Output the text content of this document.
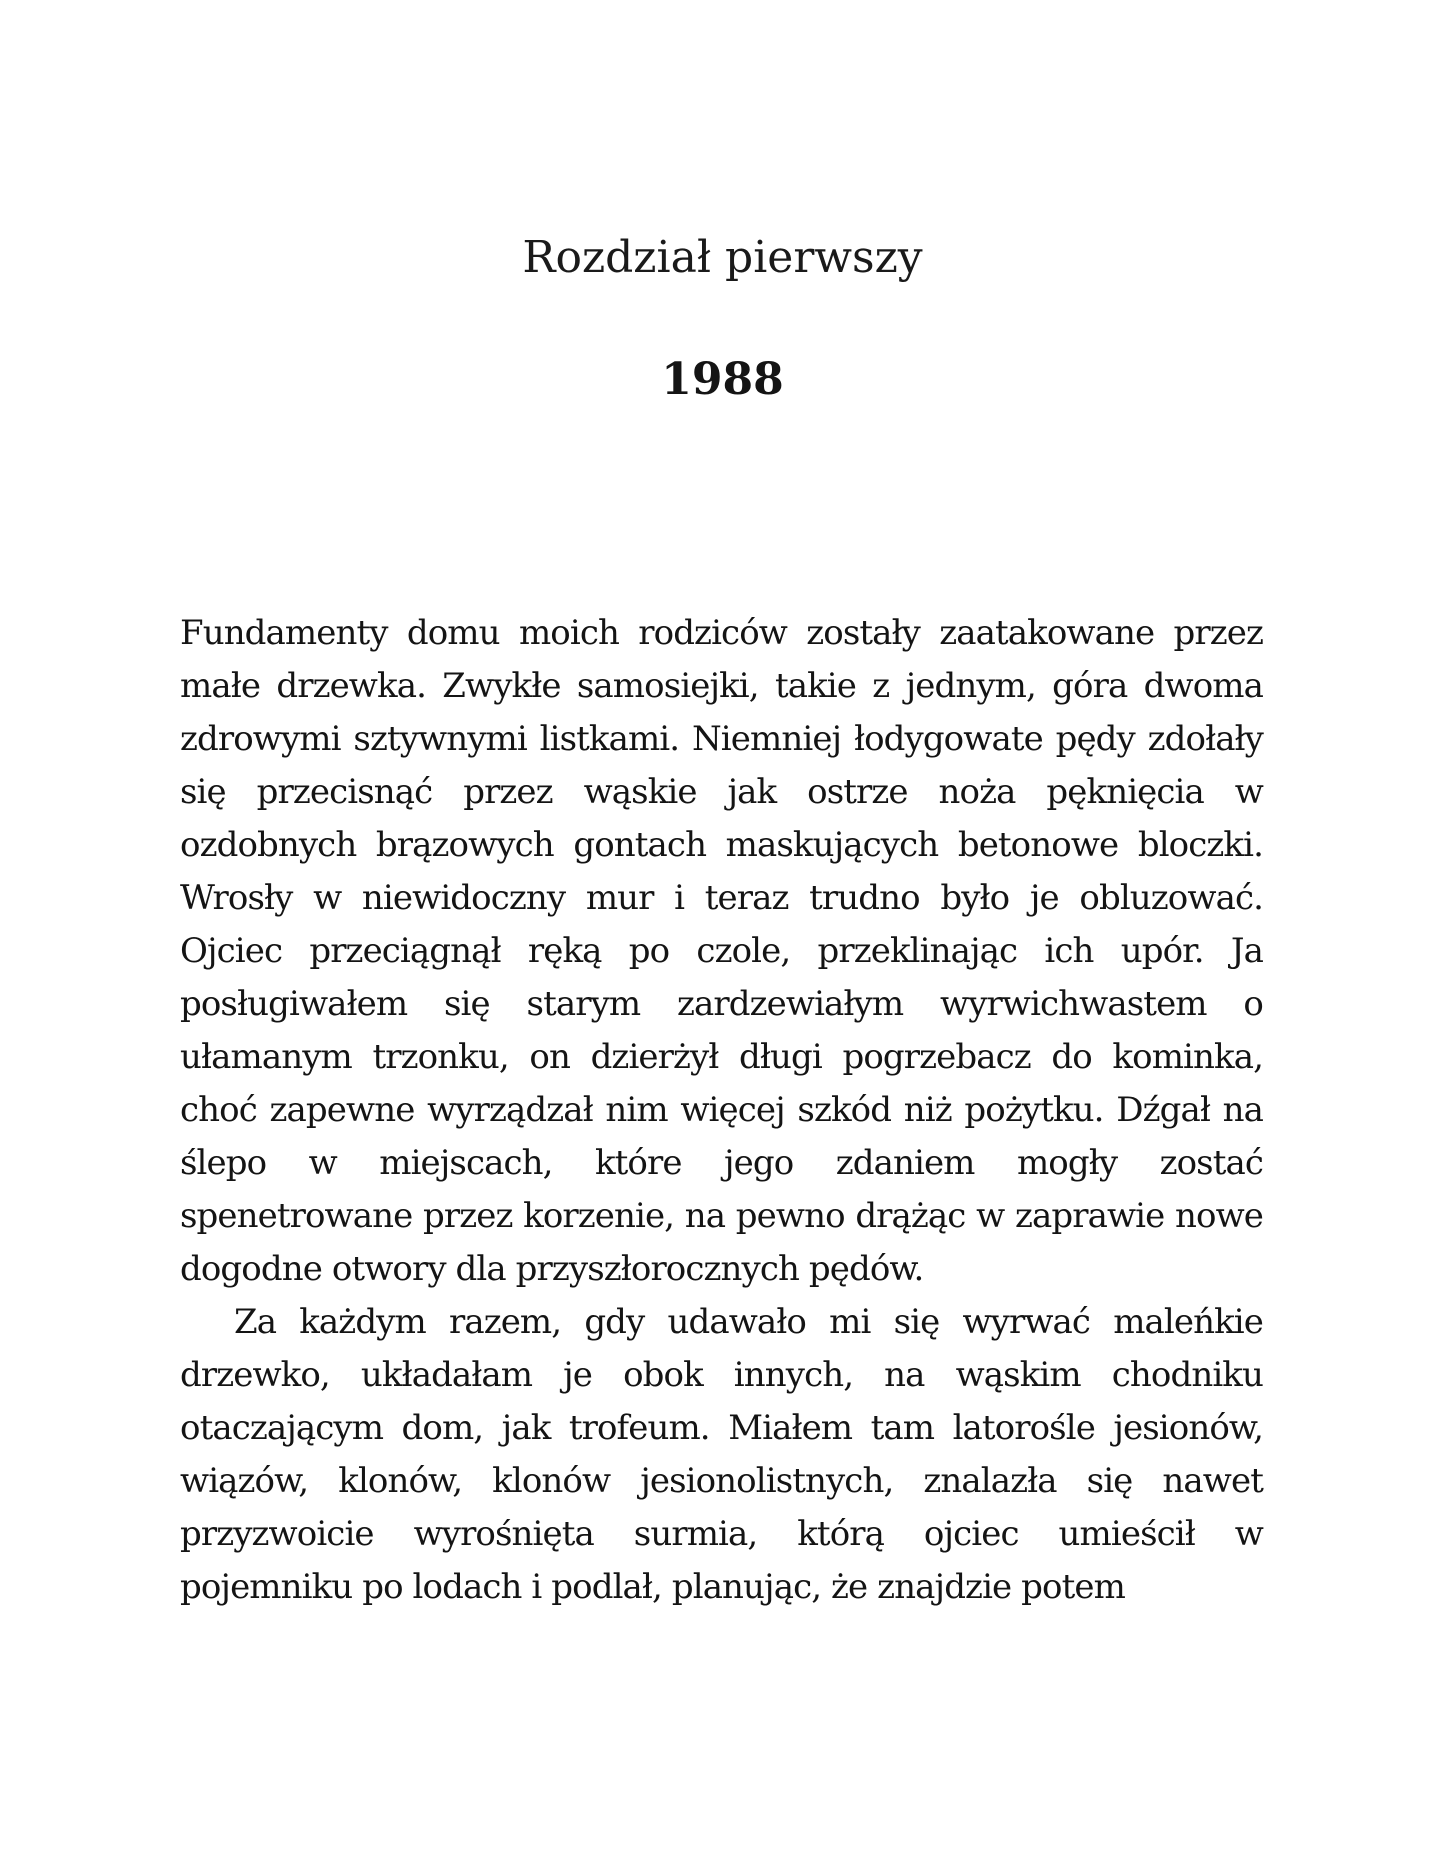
Rozdział pierwszy
1988

Fundamenty domu moich rodziców zostały zaatakowane przez małe drzewka. Zwykłe samosiejki, takie z jednym, góra dwoma zdrowymi sztywnymi listkami. Niemniej łodygowate pędy zdołały się przecisnąć przez wąskie jak ostrze noża pęknięcia w ozdobnych brązowych gontach maskujących betonowe bloczki. Wrosły w niewidoczny mur i teraz trudno było je obluzować. Ojciec przeciągnął ręką po czole, przeklinając ich upór. Ja posługiwałem się starym zardzewiałym wyrwichwastem o ułamanym trzonku, on dzierżył długi pogrzebacz do kominka, choć zapewne wyrządzał nim więcej szkód niż pożytku. Dźgał na ślepo w miejscach, które jego zdaniem mogły zostać spenetrowane przez korzenie, na pewno drążąc w zaprawie nowe dogodne otwory dla przyszłorocznych pędów.

Za każdym razem, gdy udawało mi się wyrwać maleńkie drzewko, układałam je obok innych, na wąskim chodniku otaczającym dom, jak trofeum. Miałem tam latorośle jesionów, wiązów, klonów, klonów jesionolistnych, znalazła się nawet przyzwoicie wyrośnięta surmia, którą ojciec umieścił w pojemniku po lodach i podlał, planując, że znajdzie potem
